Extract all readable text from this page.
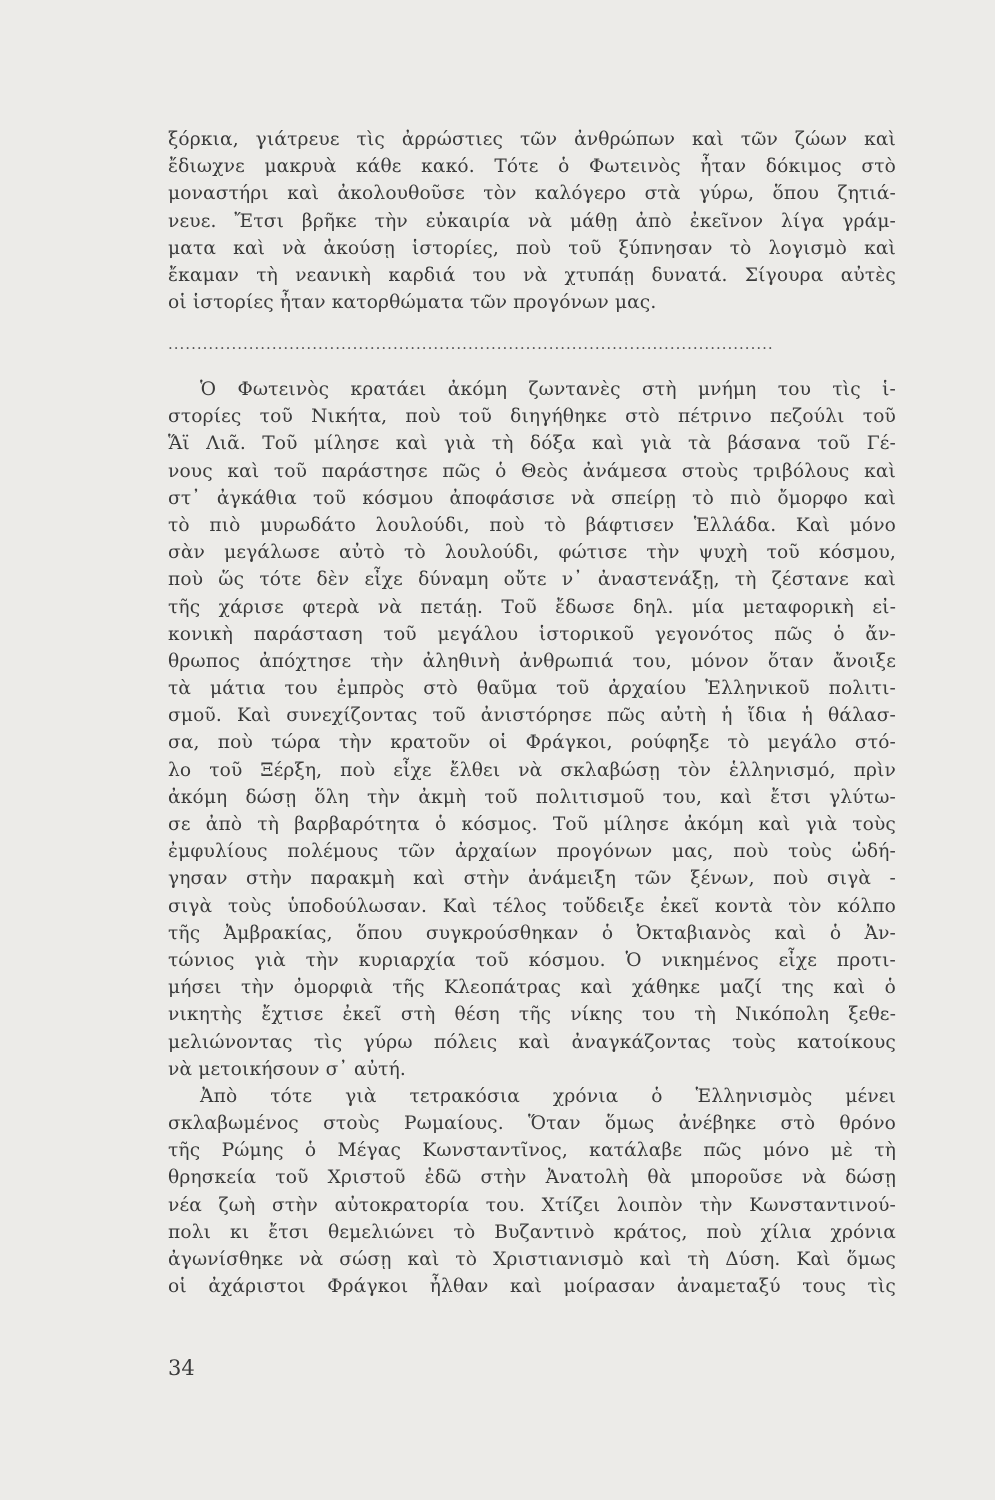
ξόρκια, γιάτρευε τὶς ἀρρώστιες τῶν ἀνθρώπων καὶ τῶν ζώων καὶ
ἔδιωχνε μακρυὰ κάθε κακό. Τότε ὁ Φωτεινὸς ἦταν δόκιμος στὸ
μοναστήρι καὶ ἀκολουθοῦσε τὸν καλόγερο στὰ γύρω, ὅπου ζητιά-
νευε. Ἔτσι βρῆκε τὴν εὐκαιρία νὰ μάθῃ ἀπὸ ἐκεῖνον λίγα γράμ-
ματα καὶ νὰ ἀκούσῃ ἱστορίες, ποὺ τοῦ ξύπνησαν τὸ λογισμὸ καὶ
ἔκαμαν τὴ νεανικὴ καρδιά του νὰ χτυπάῃ δυνατά. Σίγουρα αὐτὲς
οἱ ἱστορίες ἦταν κατορθώματα τῶν προγόνων μας.
.........................................................................................................
Ὁ Φωτεινὸς κρατάει ἀκόμη ζωντανὲς στὴ μνήμη του τὶς ἱ-
στορίες τοῦ Νικήτα, ποὺ τοῦ διηγήθηκε στὸ πέτρινο πεζούλι τοῦ
Ἅϊ Λιᾶ. Τοῦ μίλησε καὶ γιὰ τὴ δόξα καὶ γιὰ τὰ βάσανα τοῦ Γέ-
νους καὶ τοῦ παράστησε πῶς ὁ Θεὸς ἀνάμεσα στοὺς τριβόλους καὶ
στ᾽ ἀγκάθια τοῦ κόσμου ἀποφάσισε νὰ σπείρῃ τὸ πιὸ ὄμορφο καὶ
τὸ πιὸ μυρωδάτο λουλούδι, ποὺ τὸ βάφτισεν Ἑλλάδα. Καὶ μόνο
σὰν μεγάλωσε αὐτὸ τὸ λουλούδι, φώτισε τὴν ψυχὴ τοῦ κόσμου,
ποὺ ὥς τότε δὲν εἶχε δύναμη οὔτε ν᾽ ἀναστενάξῃ, τὴ ζέστανε καὶ
τῆς χάρισε φτερὰ νὰ πετάῃ. Τοῦ ἔδωσε δηλ. μία μεταφορικὴ εἰ-
κονικὴ παράσταση τοῦ μεγάλου ἱστορικοῦ γεγονότος πῶς ὁ ἄν-
θρωπος ἀπόχτησε τὴν ἀληθινὴ ἀνθρωπιά του, μόνον ὅταν ἄνοιξε
τὰ μάτια του ἐμπρὸς στὸ θαῦμα τοῦ ἀρχαίου Ἑλληνικοῦ πολιτι-
σμοῦ. Καὶ συνεχίζοντας τοῦ ἀνιστόρησε πῶς αὐτὴ ἡ ἴδια ἡ θάλασ-
σα, ποὺ τώρα τὴν κρατοῦν οἱ Φράγκοι, ρούφηξε τὸ μεγάλο στό-
λο τοῦ Ξέρξη, ποὺ εἶχε ἔλθει νὰ σκλαβώσῃ τὸν ἑλληνισμό, πρὶν
ἀκόμη δώσῃ ὅλη τὴν ἀκμὴ τοῦ πολιτισμοῦ του, καὶ ἔτσι γλύτω-
σε ἀπὸ τὴ βαρβαρότητα ὁ κόσμος. Τοῦ μίλησε ἀκόμη καὶ γιὰ τοὺς
ἐμφυλίους πολέμους τῶν ἀρχαίων προγόνων μας, ποὺ τοὺς ὡδή-
γησαν στὴν παρακμὴ καὶ στὴν ἀνάμειξη τῶν ξένων, ποὺ σιγὰ -
σιγὰ τοὺς ὑποδούλωσαν. Καὶ τέλος τοὔδειξε ἐκεῖ κοντὰ τὸν κόλπο
τῆς Ἀμβρακίας, ὅπου συγκρούσθηκαν ὁ Ὀκταβιανὸς καὶ ὁ Ἀν-
τώνιος γιὰ τὴν κυριαρχία τοῦ κόσμου. Ὁ νικημένος εἶχε προτι-
μήσει τὴν ὀμορφιὰ τῆς Κλεοπάτρας καὶ χάθηκε μαζί της καὶ ὁ
νικητὴς ἔχτισε ἐκεῖ στὴ θέση τῆς νίκης του τὴ Νικόπολη ξεθε-
μελιώνοντας τὶς γύρω πόλεις καὶ ἀναγκάζοντας τοὺς κατοίκους
νὰ μετοικήσουν σ᾽ αὐτή.
Ἀπὸ τότε γιὰ τετρακόσια χρόνια ὁ Ἑλληνισμὸς μένει
σκλαβωμένος στοὺς Ρωμαίους. Ὅταν ὅμως ἀνέβηκε στὸ θρόνο
τῆς Ρώμης ὁ Μέγας Κωνσταντῖνος, κατάλαβε πῶς μόνο μὲ τὴ
θρησκεία τοῦ Χριστοῦ ἐδῶ στὴν Ἀνατολὴ θὰ μποροῦσε νὰ δώσῃ
νέα ζωὴ στὴν αὐτοκρατορία του. Χτίζει λοιπὸν τὴν Κωνσταντινού-
πολι κι ἔτσι θεμελιώνει τὸ Βυζαντινὸ κράτος, ποὺ χίλια χρόνια
ἀγωνίσθηκε νὰ σώσῃ καὶ τὸ Χριστιανισμὸ καὶ τὴ Δύση. Καὶ ὅμως
οἱ ἀχάριστοι Φράγκοι ἦλθαν καὶ μοίρασαν ἀναμεταξύ τους τὶς
34
